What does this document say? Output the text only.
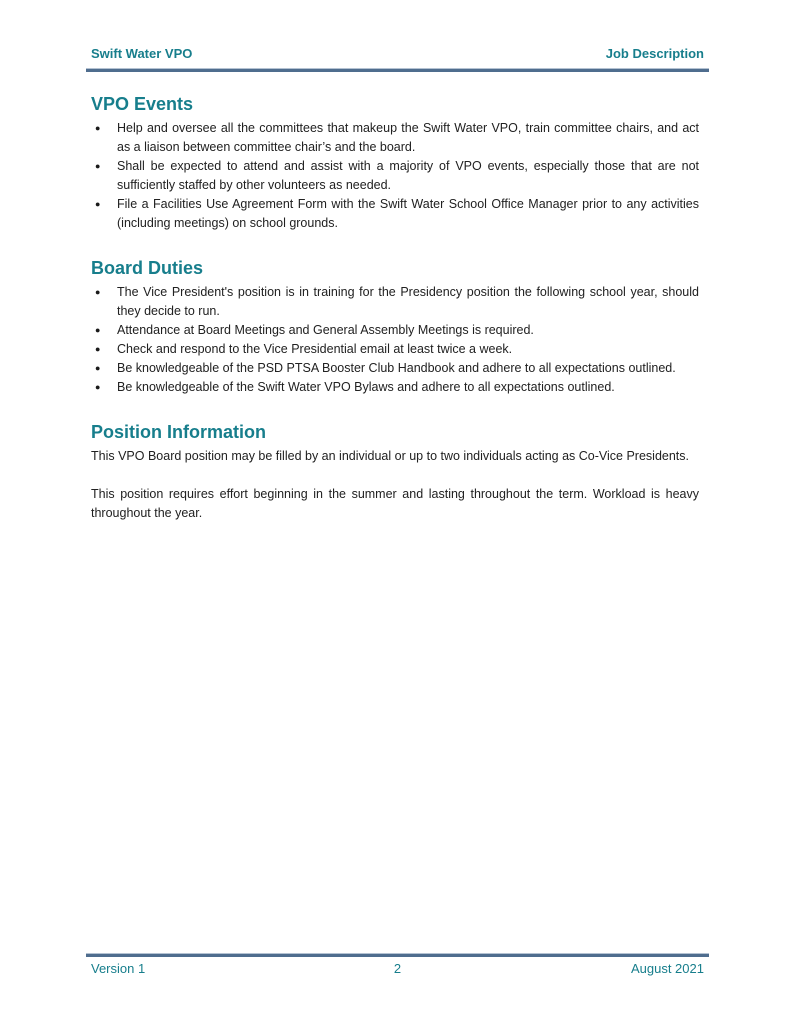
Swift Water VPO	Job Description
VPO Events
● Help and oversee all the committees that makeup the Swift Water VPO, train committee chairs, and act as a liaison between committee chair’s and the board.
● Shall be expected to attend and assist with a majority of VPO events, especially those that are not sufficiently staffed by other volunteers as needed.
● File a Facilities Use Agreement Form with the Swift Water School Office Manager prior to any activities (including meetings) on school grounds.
Board Duties
● The Vice President's position is in training for the Presidency position the following school year, should they decide to run.
● Attendance at Board Meetings and General Assembly Meetings is required.
● Check and respond to the Vice Presidential email at least twice a week.
● Be knowledgeable of the PSD PTSA Booster Club Handbook and adhere to all expectations outlined.
● Be knowledgeable of the Swift Water VPO Bylaws and adhere to all expectations outlined.
Position Information

This VPO Board position may be filled by an individual or up to two individuals acting as Co-Vice Presidents.

This position requires effort beginning in the summer and lasting throughout the term. Workload is heavy throughout the year.

Version 1	2	August 2021
